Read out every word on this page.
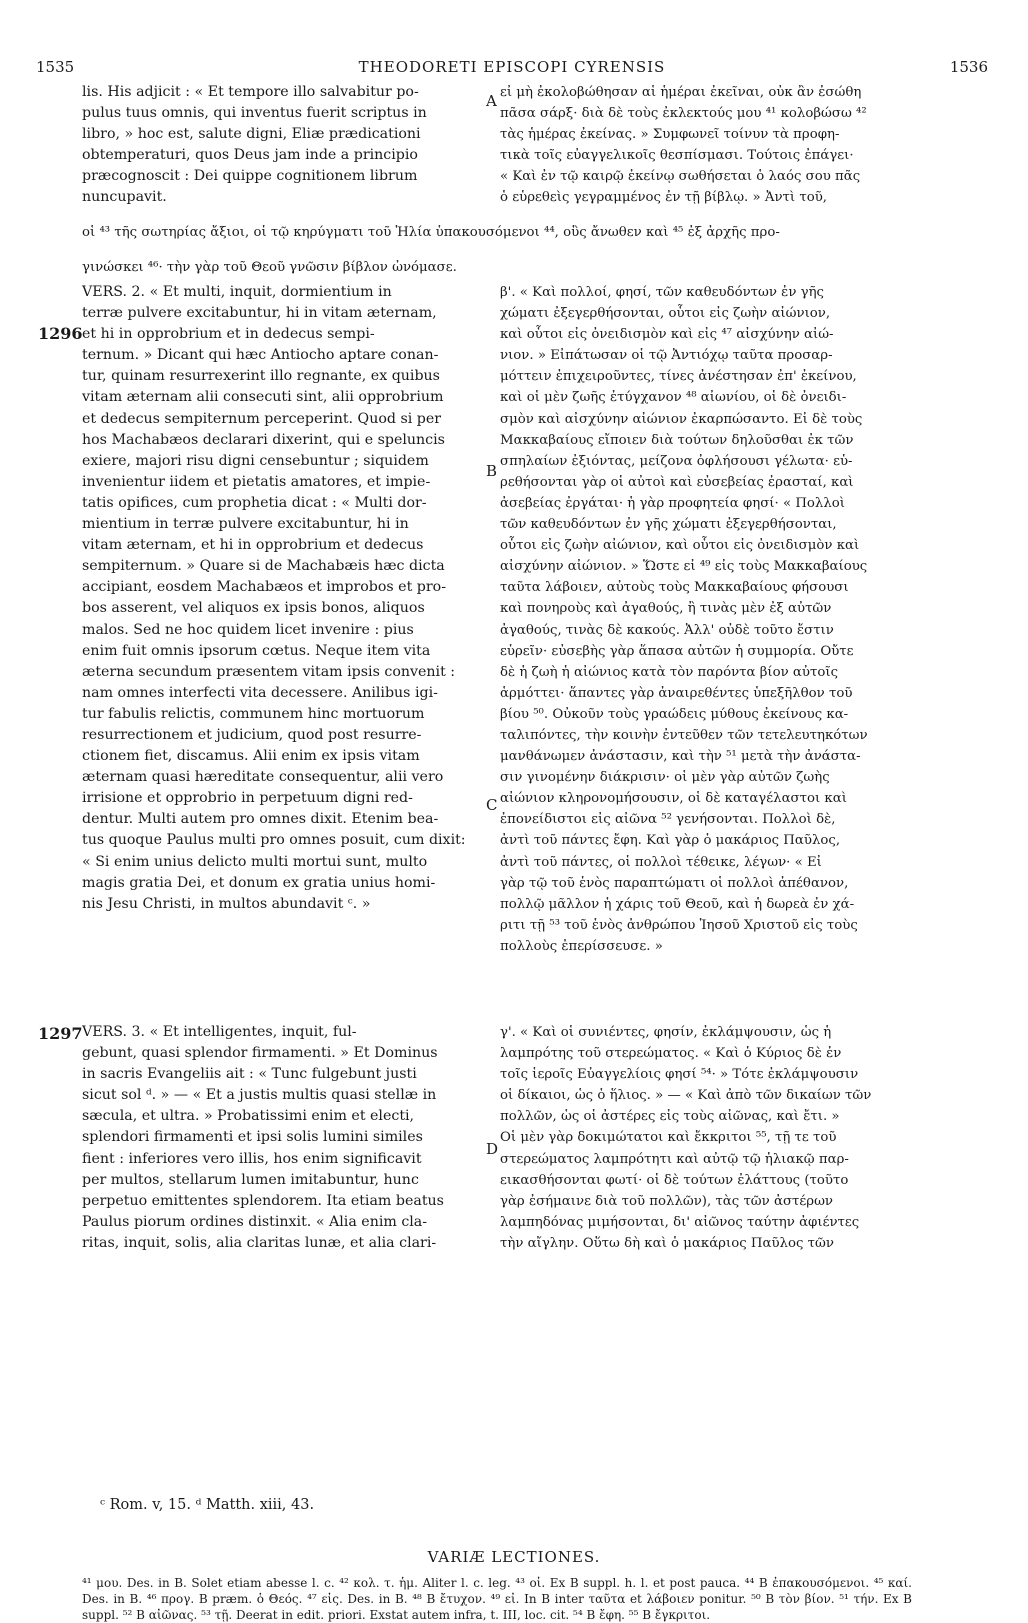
1535	THEODORETI EPISCOPI CYRENSIS	1536

lis. His adjicit : « Et tempore illo salvabitur po-

pulus tuus omnis, qui inventus fuerit scriptus in

libro, » hoc est, salute digni, Eliæ prædicationi

obtemperaturi, quos Deus jam inde a principio

præcognoscit : Dei quippe cognitionem librum

nuncupavit.

εἰ μὴ ἐκολοβώθησαν αἱ ἡμέραι ἐκεῖναι, οὐκ ἂν ἐσώθη

πᾶσα σάρξ· διὰ δὲ τοὺς ἐκλεκτούς μου ⁴¹ κολοβώσω ⁴²

τὰς ἡμέρας ἐκείνας. » Συμφωνεῖ τοίνυν τὰ προφη-

τικὰ τοῖς εὐαγγελικοῖς θεσπίσμασι. Τούτοις ἐπάγει·

« Καὶ ἐν τῷ καιρῷ ἐκείνῳ σωθήσεται ὁ λαός σου πᾶς

ὁ εὑρεθεὶς γεγραμμένος ἐν τῇ βίβλῳ. » Ἀντὶ τοῦ,

A

οἱ ⁴³ τῆς σωτηρίας ἄξιοι, οἱ τῷ κηρύγματι τοῦ Ἠλία ὑπακουσόμενοι ⁴⁴, οὓς ἄνωθεν καὶ ⁴⁵ ἐξ ἀρχῆς προ-

γινώσκει ⁴⁶· τὴν γὰρ τοῦ Θεοῦ γνῶσιν βίβλον ὠνόμασε.

VERS. 2. « Et multi, inquit, dormientium in

terræ pulvere excitabuntur, hi in vitam æternam,

et hi in opprobrium et in dedecus sempi-

ternum. » Dicant qui hæc Antiocho aptare conan-

tur, quinam resurrexerint illo regnante, ex quibus

vitam æternam alii consecuti sint, alii opprobrium

et dedecus sempiternum perceperint. Quod si per

hos Machabæos declarari dixerint, qui e speluncis

exiere, majori risu digni censebuntur ; siquidem

invenientur iidem et pietatis amatores, et impie-

tatis opifices, cum prophetia dicat : « Multi dor-

mientium in terræ pulvere excitabuntur, hi in

vitam æternam, et hi in opprobrium et dedecus

sempiternum. » Quare si de Machabæis hæc dicta

accipiant, eosdem Machabæos et improbos et pro-

bos asserent, vel aliquos ex ipsis bonos, aliquos

malos. Sed ne hoc quidem licet invenire : pius

enim fuit omnis ipsorum cœtus. Neque item vita

æterna secundum præsentem vitam ipsis convenit :

nam omnes interfecti vita decessere. Anilibus igi-

tur fabulis relictis, communem hinc mortuorum

resurrectionem et judicium, quod post resurre-

ctionem fiet, discamus. Alii enim ex ipsis vitam

æternam quasi hæreditate consequentur, alii vero

irrisione et opprobrio in perpetuum digni red-

dentur. Multi autem pro omnes dixit. Etenim bea-

tus quoque Paulus multi pro omnes posuit, cum dixit:

« Si enim unius delicto multi mortui sunt, multo

magis gratia Dei, et donum ex gratia unius homi-

nis Jesu Christi, in multos abundavit ᶜ. »

β'. « Καὶ πολλοί, φησί, τῶν καθευδόντων ἐν γῆς

χώματι ἐξεγερθήσονται, οὗτοι εἰς ζωὴν αἰώνιον,

καὶ οὗτοι εἰς ὀνειδισμὸν καὶ εἰς ⁴⁷ αἰσχύνην αἰώ-

νιον. » Εἰπάτωσαν οἱ τῷ Ἀντιόχῳ ταῦτα προσαρ-

μόττειν ἐπιχειροῦντες, τίνες ἀνέστησαν ἐπ' ἐκείνου,

καὶ οἱ μὲν ζωῆς ἐτύγχανον ⁴⁸ αἰωνίου, οἱ δὲ ὀνειδι-

σμὸν καὶ αἰσχύνην αἰώνιον ἐκαρπώσαντο. Εἰ δὲ τοὺς

Μακκαβαίους εἴποιεν διὰ τούτων δηλοῦσθαι ἐκ τῶν

σπηλαίων ἐξιόντας, μείζονα ὀφλήσουσι γέλωτα· εὑ-

ρεθήσονται γὰρ οἱ αὐτοὶ καὶ εὐσεβείας ἐρασταί, καὶ

ἀσεβείας ἐργάται· ἡ γὰρ προφητεία φησί· « Πολλοὶ

τῶν καθευδόντων ἐν γῆς χώματι ἐξεγερθήσονται,

οὗτοι εἰς ζωὴν αἰώνιον, καὶ οὗτοι εἰς ὀνειδισμὸν καὶ

αἰσχύνην αἰώνιον. » Ὥστε εἰ ⁴⁹ εἰς τοὺς Μακκαβαίους

ταῦτα λάβοιεν, αὐτοὺς τοὺς Μακκαβαίους φήσουσι

καὶ πονηροὺς καὶ ἀγαθούς, ἢ τινὰς μὲν ἐξ αὐτῶν

ἀγαθούς, τινὰς δὲ κακούς. Ἀλλ' οὐδὲ τοῦτο ἔστιν

εὑρεῖν· εὐσεβὴς γὰρ ἅπασα αὐτῶν ἡ συμμορία. Οὔτε

δὲ ἡ ζωὴ ἡ αἰώνιος κατὰ τὸν παρόντα βίον αὐτοῖς

ἁρμόττει· ἅπαντες γὰρ ἀναιρεθέντες ὑπεξῆλθον τοῦ

βίου ⁵⁰. Οὐκοῦν τοὺς γραώδεις μύθους ἐκείνους κα-

ταλιπόντες, τὴν κοινὴν ἐντεῦθεν τῶν τετελευτηκότων

μανθάνωμεν ἀνάστασιν, καὶ τὴν ⁵¹ μετὰ τὴν ἀνάστα-

σιν γινομένην διάκρισιν· οἱ μὲν γὰρ αὐτῶν ζωὴς

αἰώνιον κληρονομήσουσιν, οἱ δὲ καταγέλαστοι καὶ

ἐπονείδιστοι εἰς αἰῶνα ⁵² γενήσονται. Πολλοὶ δὲ,

ἀντὶ τοῦ πάντες ἔφη. Καὶ γὰρ ὁ μακάριος Παῦλος,

ἀντὶ τοῦ πάντες, οἱ πολλοὶ τέθεικε, λέγων· « Εἰ

γὰρ τῷ τοῦ ἑνὸς παραπτώματι οἱ πολλοὶ ἀπέθανον,

πολλῷ μᾶλλον ἡ χάρις τοῦ Θεοῦ, καὶ ἡ δωρεὰ ἐν χά-

ριτι τῇ ⁵³ τοῦ ἑνὸς ἀνθρώπου Ἰησοῦ Χριστοῦ εἰς τοὺς

πολλοὺς ἐπερίσσευσε. »

1296
B
C
1297 VERS. 3. « Et intelligentes, inquit, ful-

gebunt, quasi splendor firmamenti. » Et Dominus

in sacris Evangeliis ait : « Tunc fulgebunt justi

sicut sol ᵈ. » — « Et a justis multis quasi stellæ in

sæcula, et ultra. » Probatissimi enim et electi,

splendori firmamenti et ipsi solis lumini similes

fient : inferiores vero illis, hos enim significavit

per multos, stellarum lumen imitabuntur, hunc

perpetuo emittentes splendorem. Ita etiam beatus

Paulus piorum ordines distinxit. « Alia enim cla-

ritas, inquit, solis, alia claritas lunæ, et alia clari-

γ'. « Καὶ οἱ συνιέντες, φησίν, ἐκλάμψουσιν, ὡς ἡ

λαμπρότης τοῦ στερεώματος. « Καὶ ὁ Κύριος δὲ ἐν

τοῖς ἱεροῖς Εὐαγγελίοις φησί ⁵⁴· » Τότε ἐκλάμψουσιν

οἱ δίκαιοι, ὡς ὁ ἥλιος. » — « Καὶ ἀπὸ τῶν δικαίων τῶν

πολλῶν, ὡς οἱ ἀστέρες εἰς τοὺς αἰῶνας, καὶ ἔτι. »

Οἱ μὲν γὰρ δοκιμώτατοι καὶ ἔκκριτοι ⁵⁵, τῇ τε τοῦ

στερεώματος λαμπρότητι καὶ αὐτῷ τῷ ἡλιακῷ παρ-

εικασθήσονται φωτί· οἱ δὲ τούτων ἐλάττους (τοῦτο

γὰρ ἐσήμαινε διὰ τοῦ πολλῶν), τὰς τῶν ἀστέρων

λαμπηδόνας μιμήσονται, δι' αἰῶνος ταύτην ἀφιέντες

τὴν αἴγλην. Οὕτω δὴ καὶ ὁ μακάριος Παῦλος τῶν

D
ᶜ Rom. v, 15. ᵈ Matth. xiii, 43.
VARIÆ LECTIONES.
⁴¹ μου. Des. in B. Solet etiam abesse l. c. ⁴² κολ. τ. ἡμ. Aliter l. c. leg. ⁴³ οἱ. Ex B suppl. h. l. et post pauca. ⁴⁴ B ἐπακουσόμενοι. ⁴⁵ καί. Des. in B. ⁴⁶ προγ. B præm. ὁ Θεός. ⁴⁷ εἰς. Des. in B. ⁴⁸ B ἔτυχον. ⁴⁹ εἰ. In B inter ταῦτα et λάβοιεν ponitur. ⁵⁰ B τὸν βίον. ⁵¹ τήν. Ex B suppl. ⁵² B αἰῶνας. ⁵³ τῇ. Deerat in edit. priori. Exstat autem infra, t. III, loc. cit. ⁵⁴ B ἔφη. ⁵⁵ B ἔγκριτοι.
